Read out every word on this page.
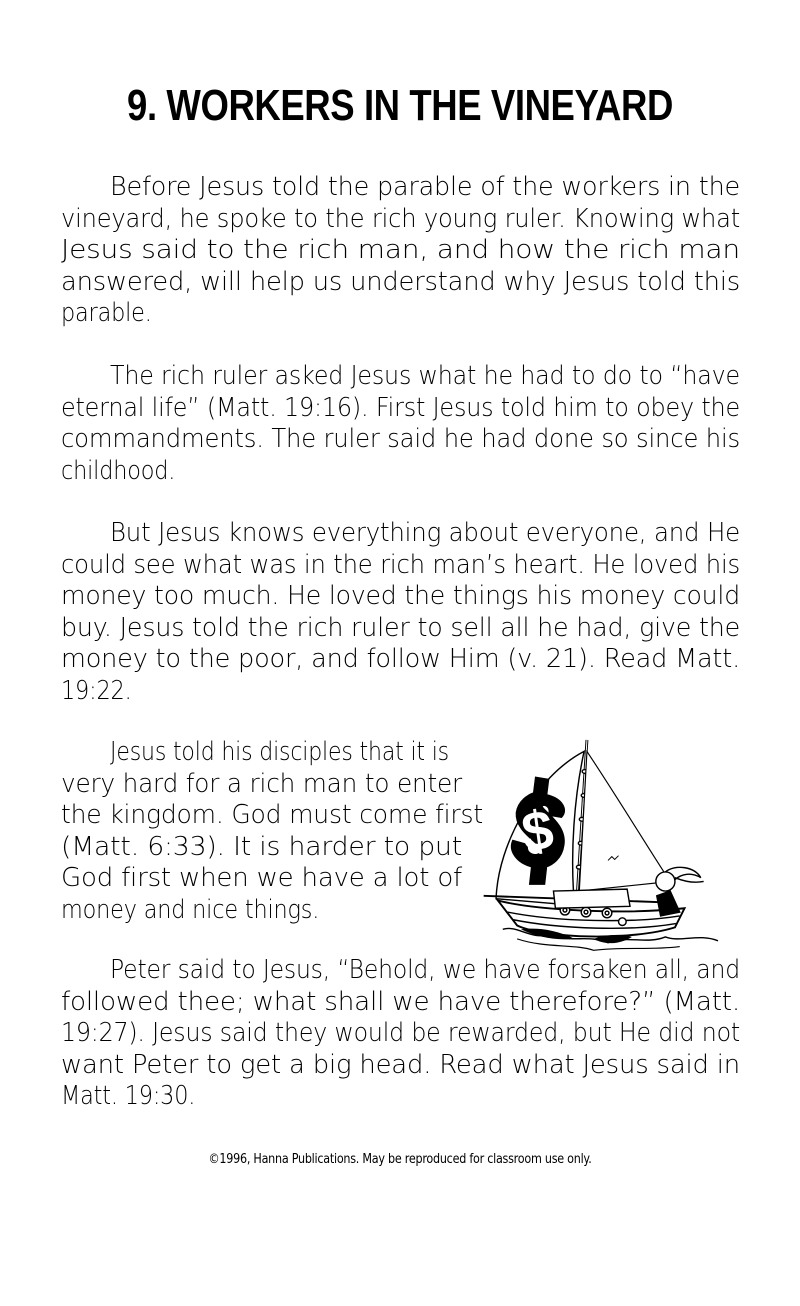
9. WORKERS IN THE VINEYARD
Before Jesus told the parable of the workers in the
vineyard, he spoke to the rich young ruler. Knowing what
Jesus said to the rich man, and how the rich man
answered, will help us understand why Jesus told this
parable.
The rich ruler asked Jesus what he had to do to “have
eternal life” (Matt. 19:16). First Jesus told him to obey the
commandments. The ruler said he had done so since his
childhood.
But Jesus knows everything about everyone, and He
could see what was in the rich man’s heart. He loved his
money too much. He loved the things his money could
buy. Jesus told the rich ruler to sell all he had, give the
money to the poor, and follow Him (v. 21). Read Matt.
19:22.
Jesus told his disciples that it is
very hard for a rich man to enter
the kingdom. God must come first
(Matt. 6:33). It is harder to put
God first when we have a lot of
money and nice things.
$
Peter said to Jesus, “Behold, we have forsaken all, and
followed thee; what shall we have therefore?” (Matt.
19:27). Jesus said they would be rewarded, but He did not
want Peter to get a big head. Read what Jesus said in
Matt. 19:30.
©1996, Hanna Publications. May be reproduced for classroom use only.
